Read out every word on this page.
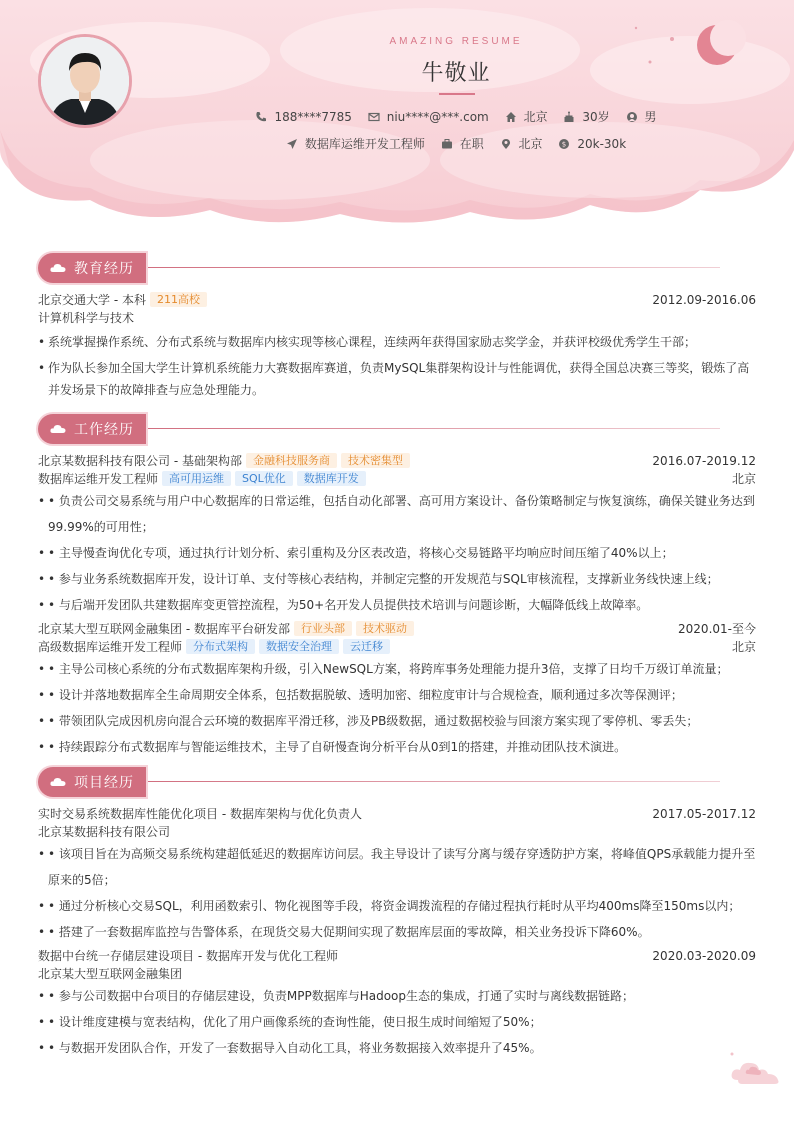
AMAZING RESUME
牛敬业
188****7785
	niu****@***.com
	北京
	30岁
	男
数据库运维开发工程师
	在职
	北京
	$ 20k-30k
教育经历
北京交通大学 - 本科 211高校	2012.09-2016.06
计算机科学与技术
• 系统掌握操作系统、分布式系统与数据库内核实现等核心课程，连续两年获得国家励志奖学金，并获评校级优秀学生干部；
• 作为队长参加全国大学生计算机系统能力大赛数据库赛道，负责MySQL集群架构设计与性能调优，获得全国总决赛三等奖，锻炼了高
并发场景下的故障排查与应急处理能力。
工作经历
北京某数据科技有限公司 - 基础架构部 金融科技服务商 技术密集型	2016.07-2019.12
数据库运维开发工程师 高可用运维 SQL优化 数据库开发	北京
• • 负责公司交易系统与用户中心数据库的日常运维，包括自动化部署、高可用方案设计、备份策略制定与恢复演练，确保关键业务达到
99.99%的可用性；
• • 主导慢查询优化专项，通过执行计划分析、索引重构及分区表改造，将核心交易链路平均响应时间压缩了40%以上；
• • 参与业务系统数据库开发，设计订单、支付等核心表结构，并制定完整的开发规范与SQL审核流程，支撑新业务线快速上线；
• • 与后端开发团队共建数据库变更管控流程，为50+名开发人员提供技术培训与问题诊断，大幅降低线上故障率。
北京某大型互联网金融集团 - 数据库平台研发部 行业头部 技术驱动	2020.01-至今
高级数据库运维开发工程师 分布式架构 数据安全治理 云迁移	北京
• • 主导公司核心系统的分布式数据库架构升级，引入NewSQL方案，将跨库事务处理能力提升3倍，支撑了日均千万级订单流量；
• • 设计并落地数据库全生命周期安全体系，包括数据脱敏、透明加密、细粒度审计与合规检查，顺利通过多次等保测评；
• • 带领团队完成因机房向混合云环境的数据库平滑迁移，涉及PB级数据，通过数据校验与回滚方案实现了零停机、零丢失；
• • 持续跟踪分布式数据库与智能运维技术，主导了自研慢查询分析平台从0到1的搭建，并推动团队技术演进。
项目经历
实时交易系统数据库性能优化项目 - 数据库架构与优化负责人	2017.05-2017.12
北京某数据科技有限公司
• • 该项目旨在为高频交易系统构建超低延迟的数据库访问层。我主导设计了读写分离与缓存穿透防护方案，将峰值QPS承载能力提升至
原来的5倍；
• • 通过分析核心交易SQL，利用函数索引、物化视图等手段，将资金调拨流程的存储过程执行耗时从平均400ms降至150ms以内；
• • 搭建了一套数据库监控与告警体系，在现货交易大促期间实现了数据库层面的零故障，相关业务投诉下降60%。
数据中台统一存储层建设项目 - 数据库开发与优化工程师	2020.03-2020.09
北京某大型互联网金融集团
• • 参与公司数据中台项目的存储层建设，负责MPP数据库与Hadoop生态的集成，打通了实时与离线数据链路；
• • 设计维度建模与宽表结构，优化了用户画像系统的查询性能，使日报生成时间缩短了50%；
• • 与数据开发团队合作，开发了一套数据导入自动化工具，将业务数据接入效率提升了45%。
